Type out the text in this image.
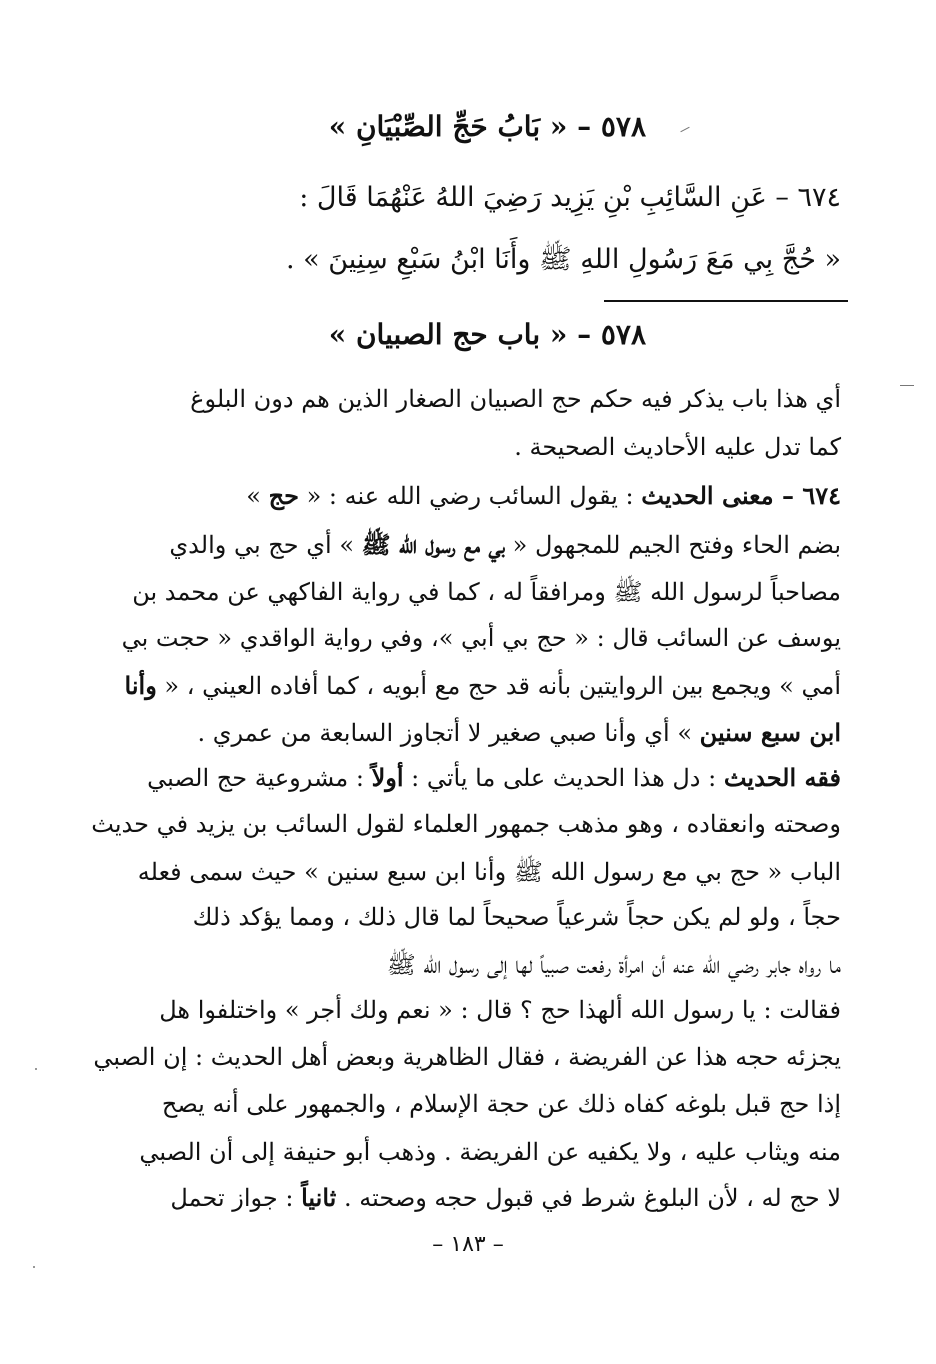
٥٧٨ – « بَابُ حَجِّ الصِّبْيَانِ »
٦٧٤ – عَنِ السَّائِبِ بْنِ يَزِيد رَضِيَ اللهُ عَنْهُمَا قَالَ :
« حُجَّ بِي مَعَ رَسُولِ اللهِ ﷺ وأَنَا ابْنُ سَبْعِ سِنِينَ » .
٥٧٨ – « باب حج الصبيان »
أي هذا باب يذكر فيه حكم حج الصبيان الصغار الذين هم دون البلوغ
كما تدل عليه الأحاديث الصحيحة .
٦٧٤ – معنى الحديث : يقول السائب رضي الله عنه : « حج »
بضم الحاء وفتح الجيم للمجهول « بي مع رسول الله ﷺ » أي حج بي والدي
مصاحباً لرسول الله ﷺ ومرافقاً له ، كما في رواية الفاكهي عن محمد بن
يوسف عن السائب قال : « حج بي أبي »، وفي رواية الواقدي « حجت بي
أمي » ويجمع بين الروايتين بأنه قد حج مع أبويه ، كما أفاده العيني ، « وأنا
ابن سبع سنين » أي وأنا صبي صغير لا أتجاوز السابعة من عمري .
فقه الحديث : دل هذا الحديث على ما يأتي : أولاً : مشروعية حج الصبي
وصحته وانعقاده ، وهو مذهب جمهور العلماء لقول السائب بن يزيد في حديث
الباب « حج بي مع رسول الله ﷺ وأنا ابن سبع سنين » حيث سمى فعله
حجاً ، ولو لم يكن حجاً شرعياً صحيحاً لما قال ذلك ، ومما يؤكد ذلك
ما رواه جابر رضي الله عنه أن امرأة رفعت صبياً لها إلى رسول الله ﷺ
فقالت : يا رسول الله ألهذا حج ؟ قال : « نعم ولك أجر » واختلفوا هل
يجزئه حجه هذا عن الفريضة ، فقال الظاهرية وبعض أهل الحديث : إن الصبي
إذا حج قبل بلوغه كفاه ذلك عن حجة الإسلام ، والجمهور على أنه يصح
منه ويثاب عليه ، ولا يكفيه عن الفريضة . وذهب أبو حنيفة إلى أن الصبي
لا حج له ، لأن البلوغ شرط في قبول حجه وصحته . ثانياً : جواز تحمل
– ١٨٣ –
